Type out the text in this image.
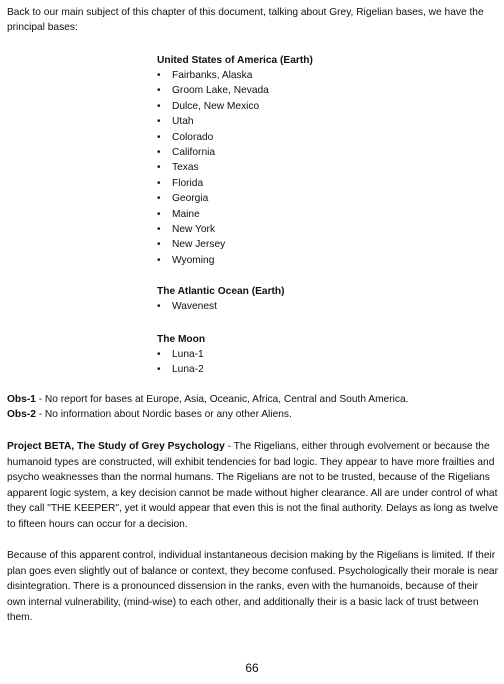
Back to our main subject of this chapter of this document, talking about Grey, Rigelian bases, we have the principal bases:

United States of America (Earth)
• Fairbanks, Alaska
• Groom Lake, Nevada
• Dulce, New Mexico
• Utah
• Colorado
• California
• Texas
• Florida
• Georgia
• Maine
• New York
• New Jersey
• Wyoming
The Atlantic Ocean (Earth)
• Wavenest
The Moon
• Luna-1
• Luna-2

Obs-1 - No report for bases at Europe, Asia, Oceanic, Africa, Central and South America.

Obs-2 - No information about Nordic bases or any other Aliens.

Project BETA, The Study of Grey Psychology - The Rigelians, either through evolvement or because the humanoid types are constructed, will exhibit tendencies for bad logic. They appear to have more frailties and psycho weaknesses than the normal humans. The Rigelians are not to be trusted, because of the Rigelians apparent logic system, a key decision cannot be made without higher clearance. All are under control of what they call "THE KEEPER", yet it would appear that even this is not the final authority. Delays as long as twelve to fifteen hours can occur for a decision.

Because of this apparent control, individual instantaneous decision making by the Rigelians is limited. If their plan goes even slightly out of balance or context, they become confused. Psychologically their morale is near disintegration. There is a pronounced dissension in the ranks, even with the humanoids, because of their own internal vulnerability, (mind-wise) to each other, and additionally their is a basic lack of trust between them.

66
